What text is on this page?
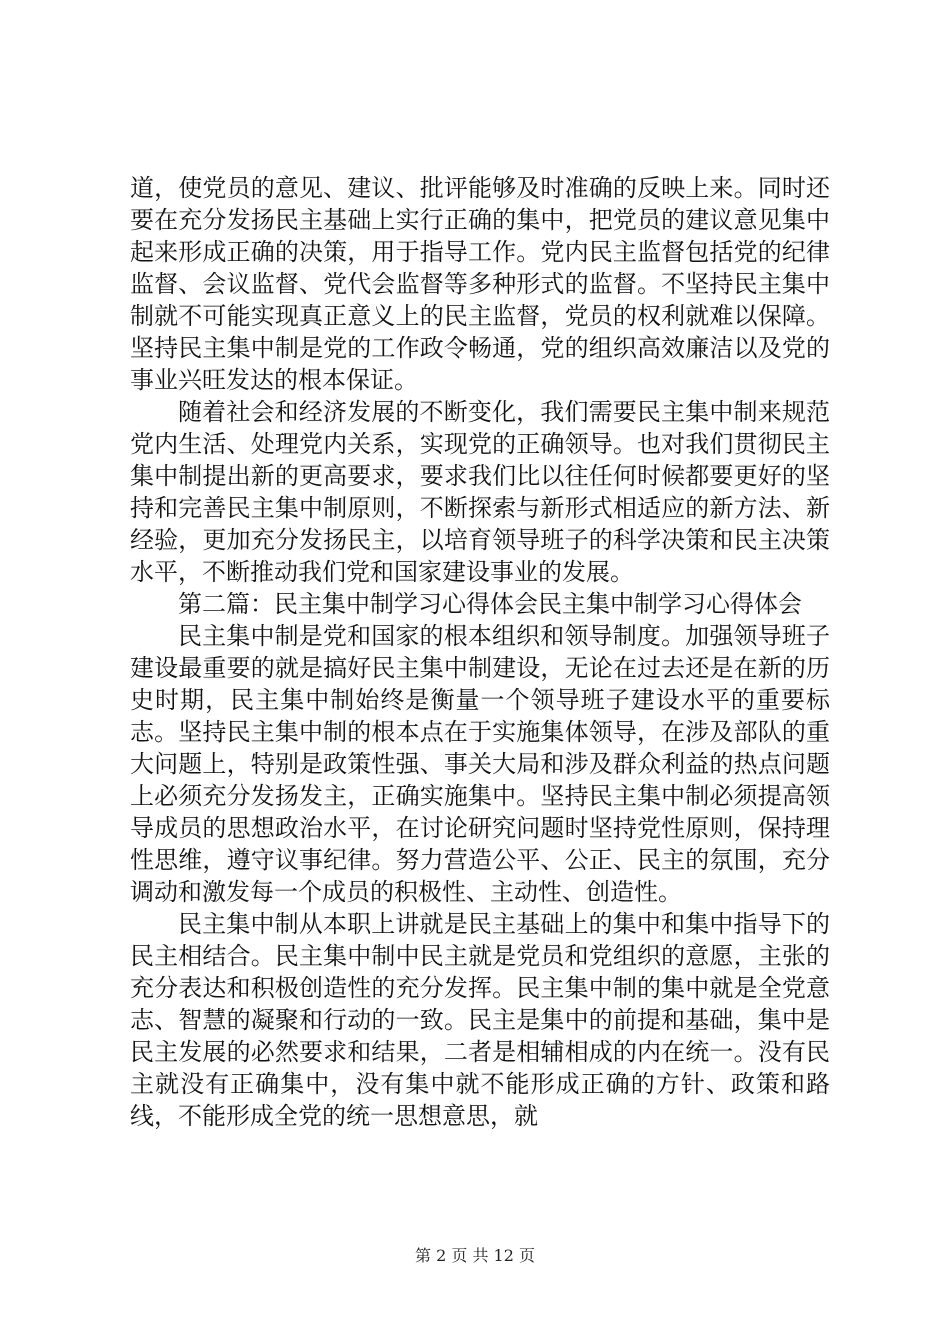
道，使党员的意见、建议、批评能够及时准确的反映上来。同时还要在充分发扬民主基础上实行正确的集中，把党员的建议意见集中起来形成正确的决策，用于指导工作。党内民主监督包括党的纪律监督、会议监督、党代会监督等多种形式的监督。不坚持民主集中制就不可能实现真正意义上的民主监督，党员的权利就难以保障。坚持民主集中制是党的工作政令畅通，党的组织高效廉洁以及党的事业兴旺发达的根本保证。

随着社会和经济发展的不断变化，我们需要民主集中制来规范党内生活、处理党内关系，实现党的正确领导。也对我们贯彻民主集中制提出新的更高要求，要求我们比以往任何时候都要更好的坚持和完善民主集中制原则，不断探索与新形式相适应的新方法、新经验，更加充分发扬民主，以培育领导班子的科学决策和民主决策水平，不断推动我们党和国家建设事业的发展。

第二篇：民主集中制学习心得体会民主集中制学习心得体会

民主集中制是党和国家的根本组织和领导制度。加强领导班子建设最重要的就是搞好民主集中制建设，无论在过去还是在新的历史时期，民主集中制始终是衡量一个领导班子建设水平的重要标志。坚持民主集中制的根本点在于实施集体领导，在涉及部队的重大问题上，特别是政策性强、事关大局和涉及群众利益的热点问题上必须充分发扬发主，正确实施集中。坚持民主集中制必须提高领导成员的思想政治水平，在讨论研究问题时坚持党性原则，保持理性思维，遵守议事纪律。努力营造公平、公正、民主的氛围，充分调动和激发每一个成员的积极性、主动性、创造性。

民主集中制从本职上讲就是民主基础上的集中和集中指导下的民主相结合。民主集中制中民主就是党员和党组织的意愿，主张的充分表达和积极创造性的充分发挥。民主集中制的集中就是全党意志、智慧的凝聚和行动的一致。民主是集中的前提和基础，集中是民主发展的必然要求和结果，二者是相辅相成的内在统一。没有民主就没有正确集中，没有集中就不能形成正确的方针、政策和路线，不能形成全党的统一思想意思，就

第 2 页 共 12 页
